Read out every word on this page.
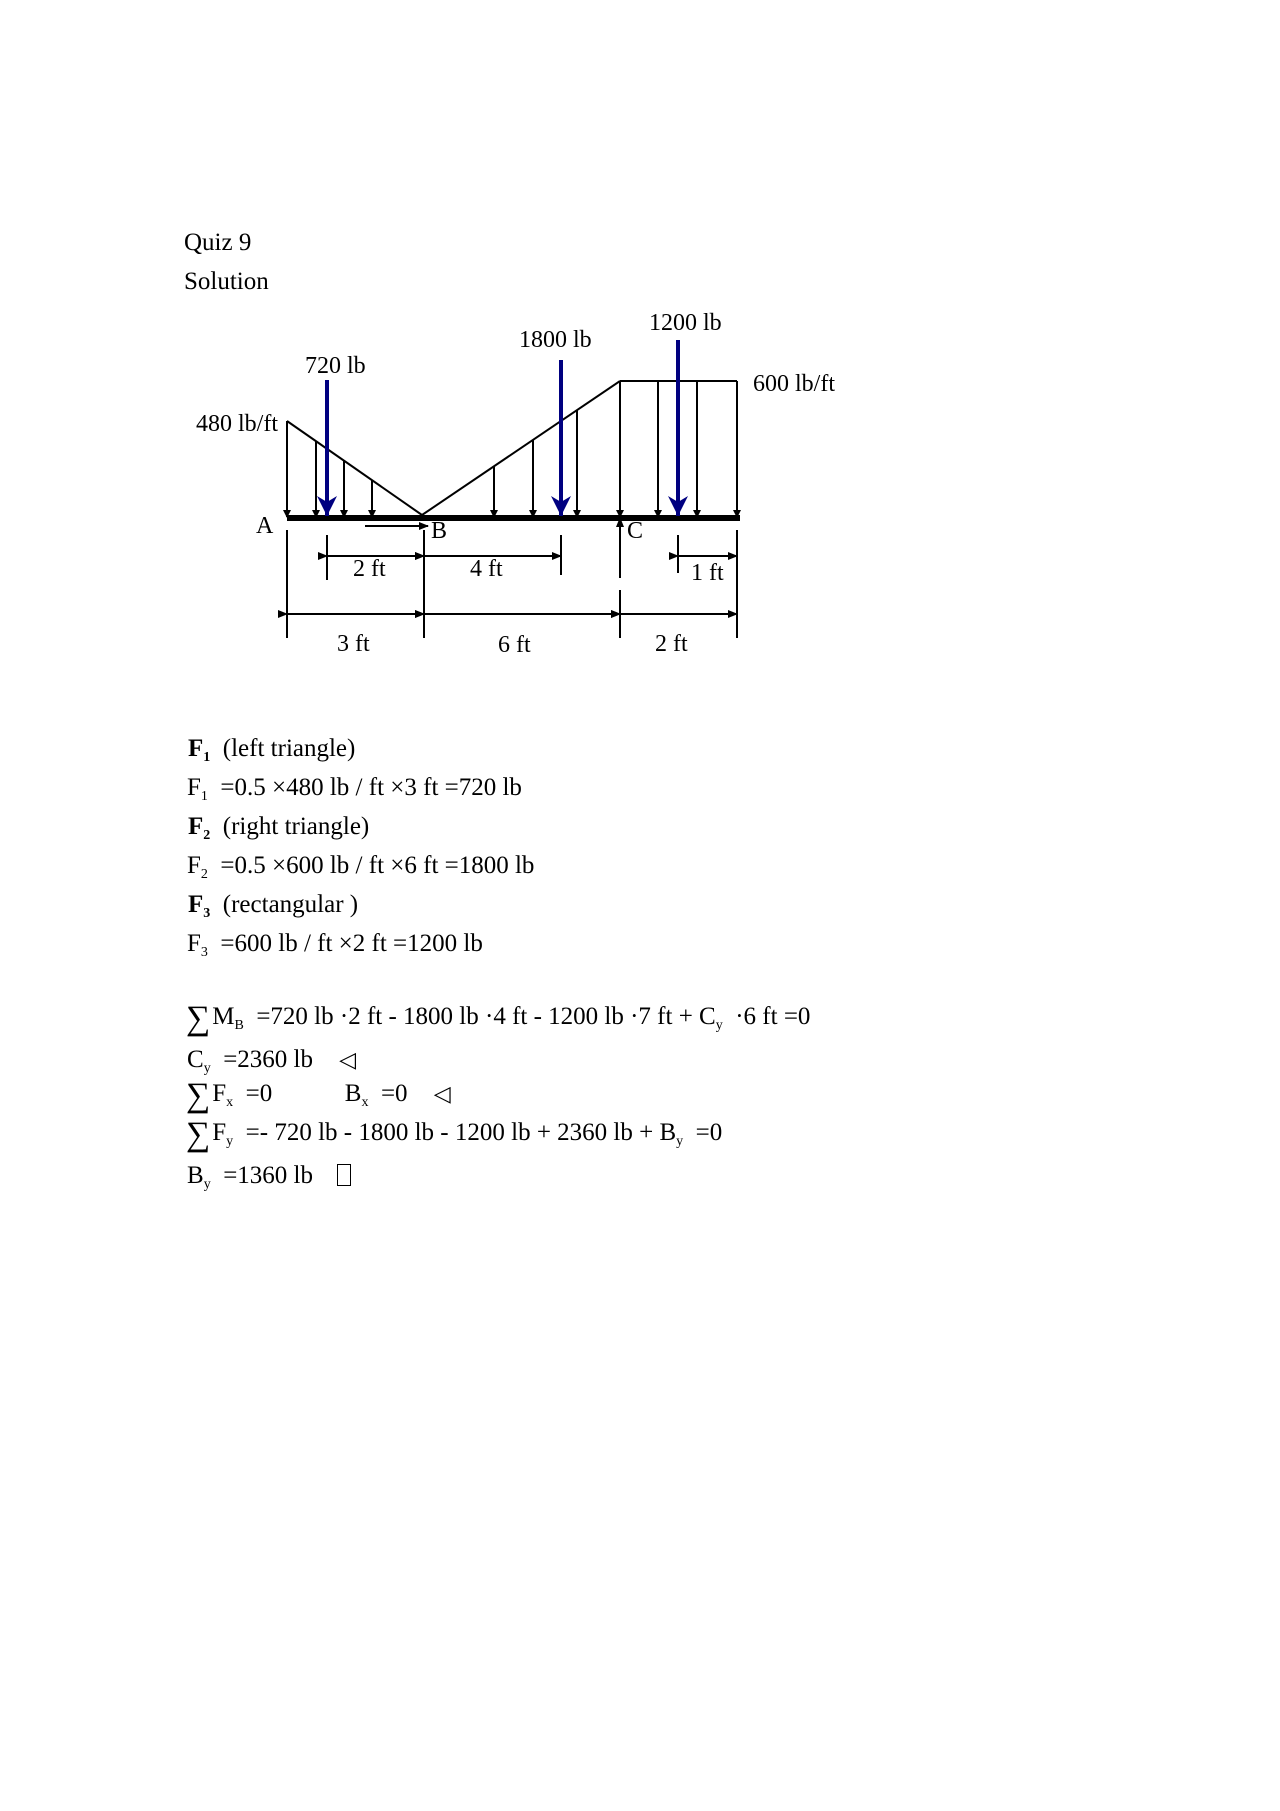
Quiz 9
Solution
720 lb
1800 lb
1200 lb
480 lb/ft
600 lb/ft
A	B	C
2 ft	4 ft	1 ft
3 ft	6 ft	2 ft
$F_1$ (left triangle)
$F_1 =0.5 \times 480$ lb / ft ×3 ft =720 lb
$F_2$ (right triangle)
$F_2 =0.5 \times 600$ lb / ft ×6 ft =1800 lb
$F_3$ (rectangular )
$F_3 =600$ lb / ft ×2 ft =1200 lb
$\sum M_B =720$ lb ·2 ft - 1800 lb ·4 ft - 1200 lb ·7 ft + $C_y \cdot 6$ ft =0
$C_y =2360$ lb ◁
$\sum F_x =0$	$B_x =0$ ◁
$\sum F_y =- 720$ lb - 1800 lb - 1200 lb + 2360 lb + $B_y =0$
$B_y =1360$ lb
